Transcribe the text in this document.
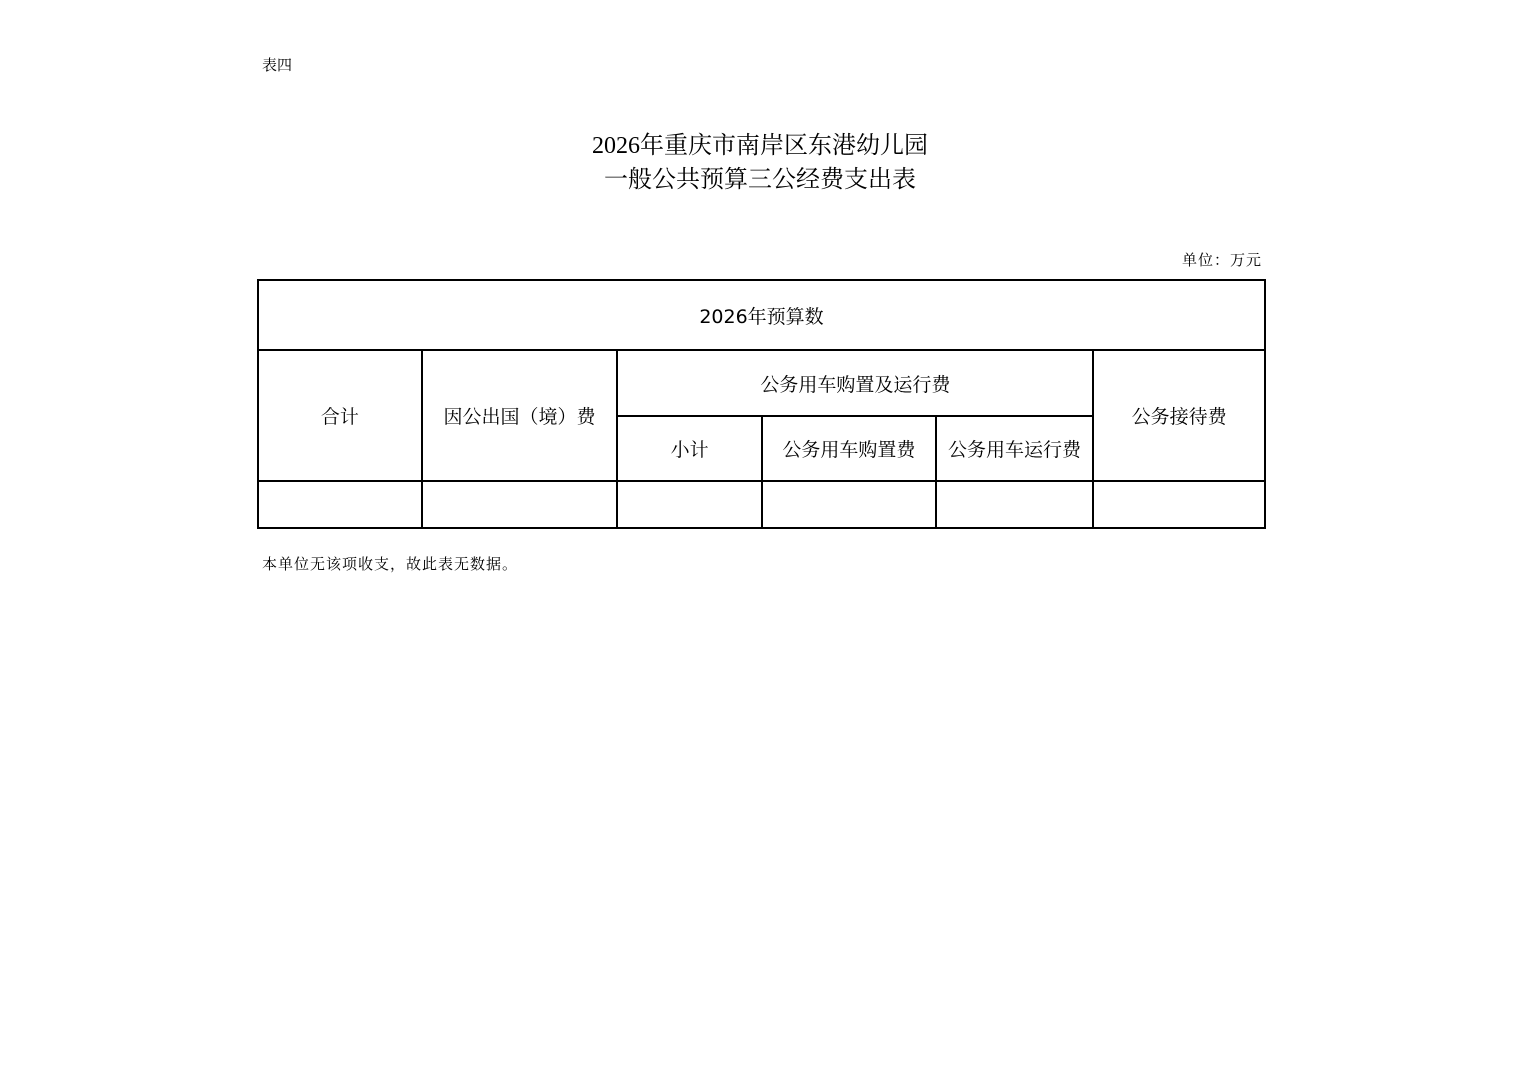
表四
2026年重庆市南岸区东港幼儿园
一般公共预算三公经费支出表
单位：万元
2026年预算数					
合计	因公出国（境）费	公务用车购置及运行费			公务接待费
		小计	公务用车购置费	公务用车运行费	

本单位无该项收支，故此表无数据。
